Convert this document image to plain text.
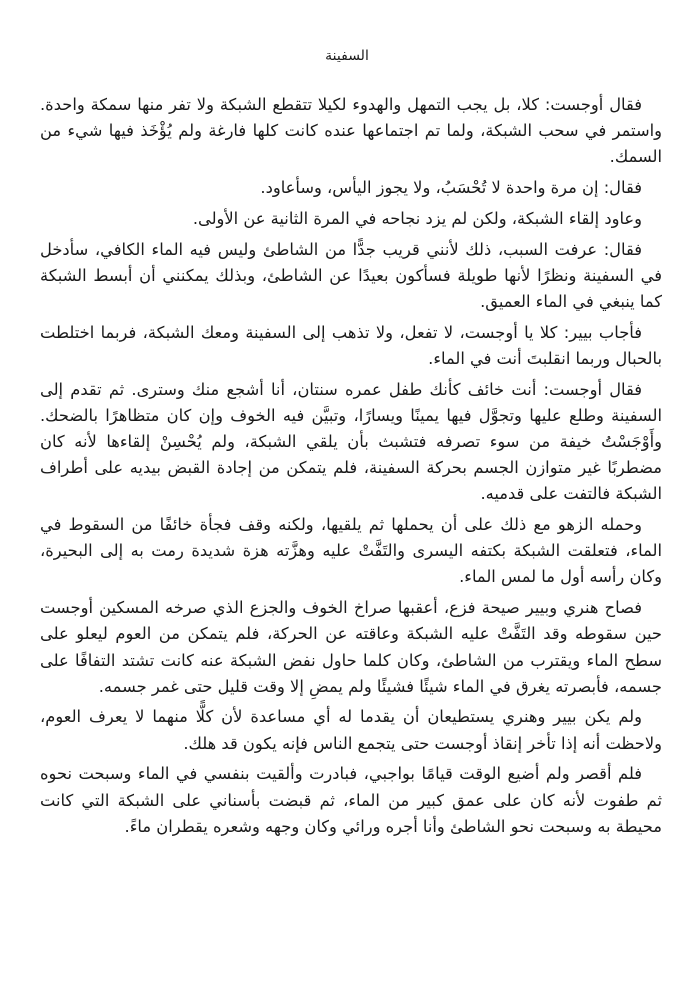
السفينة

فقال أوجست: كلا، بل يجب التمهل والهدوء لكيلا تتقطع الشبكة ولا تفر منها سمكة واحدة. واستمر في سحب الشبكة، ولما تم اجتماعها عنده كانت كلها فارغة ولم يُؤْخَذ فيها شيء من السمك.

فقال: إن مرة واحدة لا تُحْسَبُ، ولا يجوز اليأس، وسأعاود.

وعاود إلقاء الشبكة، ولكن لم يزد نجاحه في المرة الثانية عن الأولى.

فقال: عرفت السبب، ذلك لأنني قريب جدًّا من الشاطئ وليس فيه الماء الكافي، سأدخل في السفينة ونظرًا لأنها طويلة فسأكون بعيدًا عن الشاطئ، وبذلك يمكنني أن أبسط الشبكة كما ينبغي في الماء العميق.

فأجاب بيير: كلا يا أوجست، لا تفعل، ولا تذهب إلى السفينة ومعك الشبكة، فربما اختلطت بالحبال وربما انقلبتَ أنت في الماء.

فقال أوجست: أنت خائف كأنك طفل عمره سنتان، أنا أشجع منك وسترى. ثم تقدم إلى السفينة وطلع عليها وتجوَّل فيها يمينًا ويسارًا، وتبيَّن فيه الخوف وإن كان متظاهرًا بالضحك. وأَوْجَسْتُ خيفة من سوء تصرفه فتشبث بأن يلقي الشبكة، ولم يُحْسِنْ إلقاءها لأنه كان مضطربًا غير متوازن الجسم بحركة السفينة، فلم يتمكن من إجادة القبض بيديه على أطراف الشبكة فالتفت على قدميه.

وحمله الزهو مع ذلك على أن يحملها ثم يلقيها، ولكنه وقف فجأة خائفًا من السقوط في الماء، فتعلقت الشبكة بكتفه اليسرى والتَفَّتْ عليه وهزَّته هزة شديدة رمت به إلى البحيرة، وكان رأسه أول ما لمس الماء.

فصاح هنري وبيير صيحة فزع، أعقبها صراخ الخوف والجزع الذي صرخه المسكين أوجست حين سقوطه وقد التَفَّتْ عليه الشبكة وعاقته عن الحركة، فلم يتمكن من العوم ليعلو على سطح الماء ويقترب من الشاطئ، وكان كلما حاول نفض الشبكة عنه كانت تشتد التفافًا على جسمه، فأبصرته يغرق في الماء شيئًا فشيئًا ولم يمضِ إلا وقت قليل حتى غمر جسمه.

ولم يكن بيير وهنري يستطيعان أن يقدما له أي مساعدة لأن كلًّا منهما لا يعرف العوم، ولاحظت أنه إذا تأخر إنقاذ أوجست حتى يتجمع الناس فإنه يكون قد هلك.

فلم أقصر ولم أضيع الوقت قيامًا بواجبي، فبادرت وألقيت بنفسي في الماء وسبحت نحوه ثم طفوت لأنه كان على عمق كبير من الماء، ثم قبضت بأسناني على الشبكة التي كانت محيطة به وسبحت نحو الشاطئ وأنا أجره ورائي وكان وجهه وشعره يقطران ماءً.
